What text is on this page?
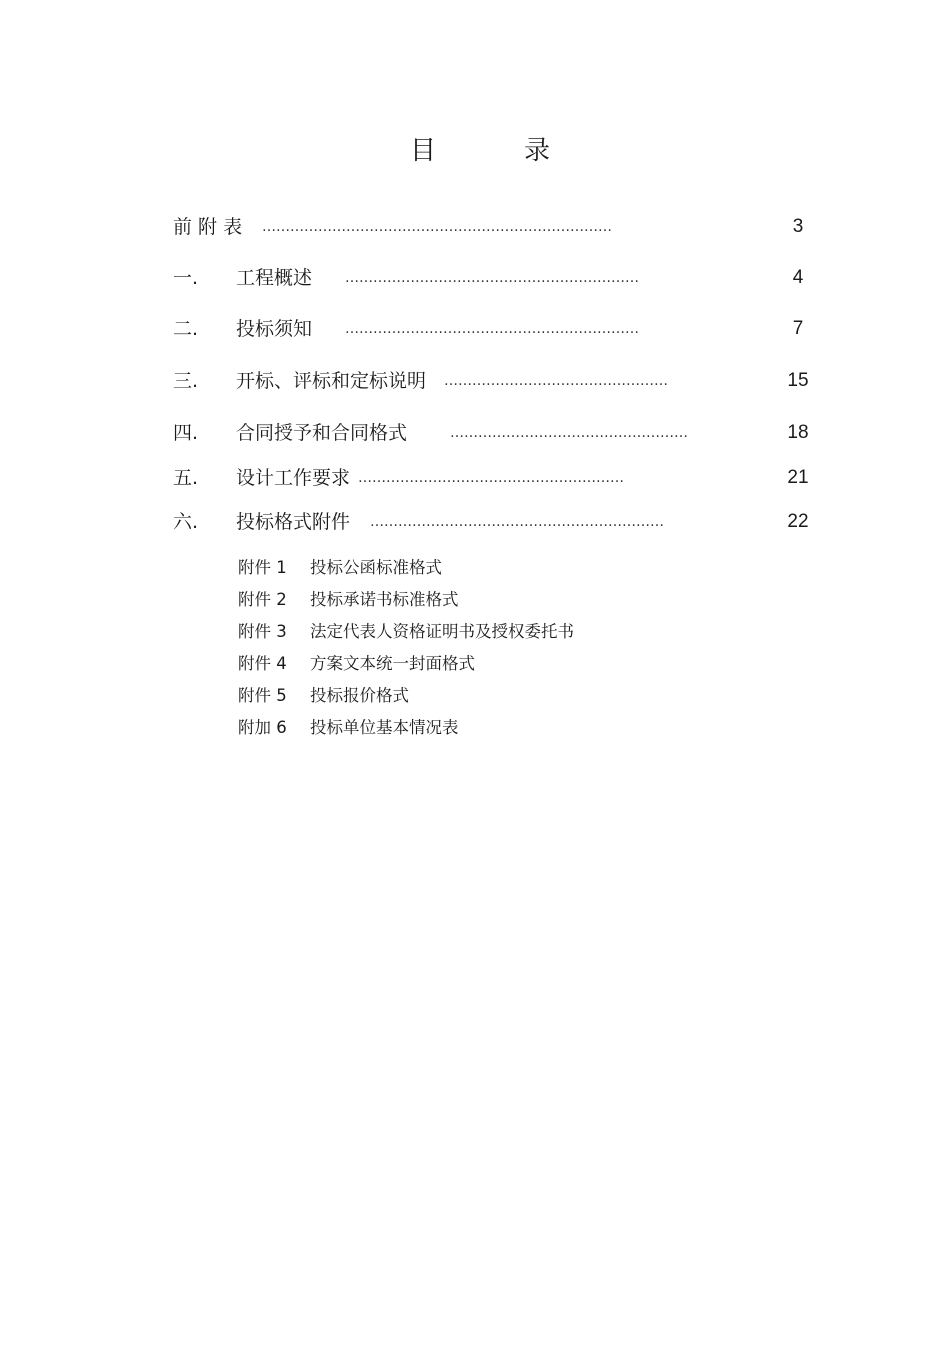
目	录
前 附 表 …………………………………………………………………	3
一. 工程概述 ………………………………………………………	4
二. 投标须知 ………………………………………………………	7
三. 开标、评标和定标说明 …………………………………………	15
四. 合同授予和合同格式	……………………………………………	18
五. 设计工作要求 …………………………………………………	21
六. 投标格式附件 ………………………………………………………	22
附件 1 投标公函标准格式
附件 2 投标承诺书标准格式
附件 3 法定代表人资格证明书及授权委托书
附件 4 方案文本统一封面格式
附件 5 投标报价格式
附加 6 投标单位基本情况表
